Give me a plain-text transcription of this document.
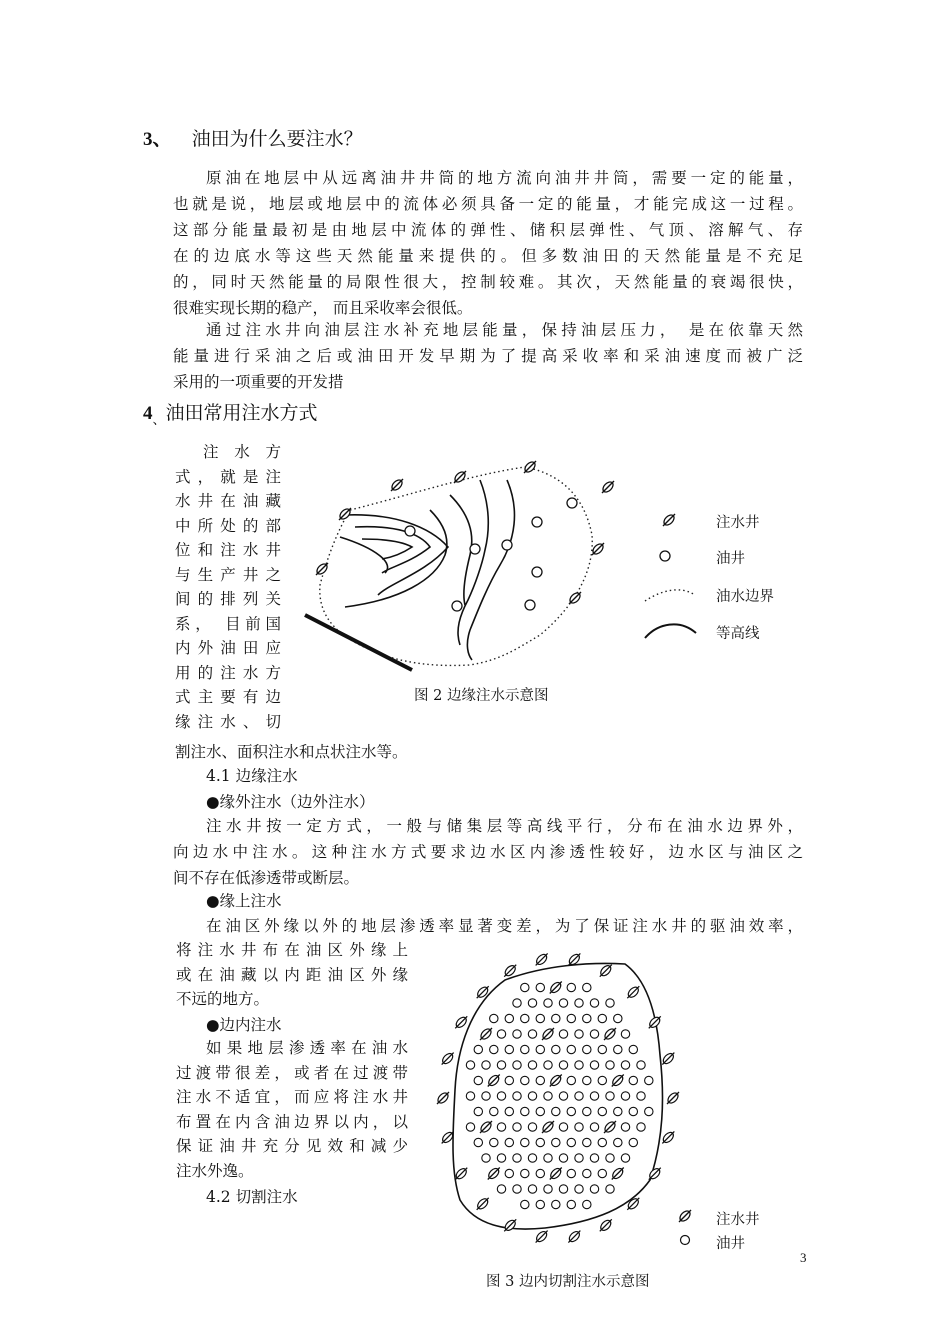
3、 油田为什么要注水？
原油在地层中从远离油井井筒的地方流向油井井筒，需要一定的能量，
也就是说，地层或地层中的流体必须具备一定的能量，才能完成这一过程。
这部分能量最初是由地层中流体的弹性、储积层弹性、气顶、溶解气、存
在的边底水等这些天然能量来提供的。但多数油田的天然能量是不充足
的，同时天然能量的局限性很大，控制较难。其次，天然能量的衰竭很快，
很难实现长期的稳产， 而且采收率会很低。
通过注水井向油层注水补充地层能量，保持油层压力， 是在依靠天然
能量进行采油之后或油田开发早期为了提高采收率和采油速度而被广泛
采用的一项重要的开发措
$4_、$油田常用注水方式
注水方
式，就是注
水井在油藏
中所处的部
位和注水井
与生产井之
间的排列关
系， 目前国
内外油田应
用的注水方
式主要有边
缘注水、切
注水井
油井
油水边界
等高线
图 2 边缘注水示意图
割注水、面积注水和点状注水等。
4.1 边缘注水
●缘外注水（边外注水）
注水井按一定方式，一般与储集层等高线平行，分布在油水边界外，
向边水中注水。这种注水方式要求边水区内渗透性较好，边水区与油区之
间不存在低渗透带或断层。
●缘上注水
在油区外缘以外的地层渗透率显著变差，为了保证注水井的驱油效率，
将注水井布在油区外缘上
或在油藏以内距油区外缘
不远的地方。
●边内注水
如果地层渗透率在油水
过渡带很差，或者在过渡带
注水不适宜，而应将注水井
布置在内含油边界以内，以
保证油井充分见效和减少
注水外逸。
4.2 切割注水
注水井
油井
图 3 边内切割注水示意图
3
